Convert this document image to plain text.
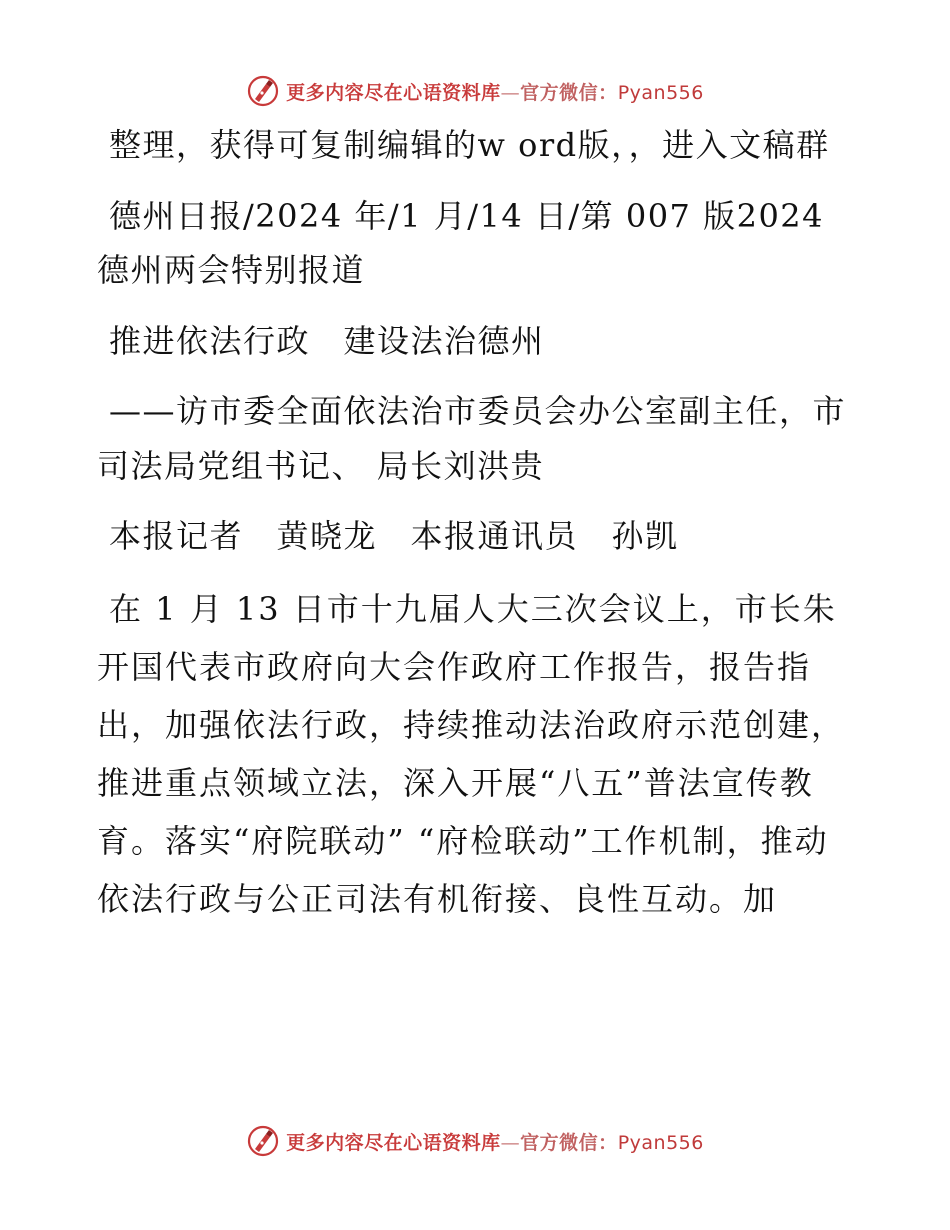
更多内容尽在心语资料库—官方微信：Pyan556

整理，获得可复制编辑的w ord版，，进入文稿群

德州日报/2024 年/1 月/14 日/第 007 版2024德州两会特别报道

推进依法行政　建设法治德州

——访市委全面依法治市委员会办公室副主任，市司法局党组书记、 局长刘洪贵

本报记者　黄晓龙　本报通讯员　孙凯

在 1 月 13 日市十九届人大三次会议上，市长朱开国代表市政府向大会作政府工作报告，报告指出，加强依法行政，持续推动法治政府示范创建，推进重点领域立法，深入开展“八五”普法宣传教育。落实“府院联动” “府检联动”工作机制，推动依法行政与公正司法有机衔接、良性互动。加

更多内容尽在心语资料库—官方微信：Pyan556
